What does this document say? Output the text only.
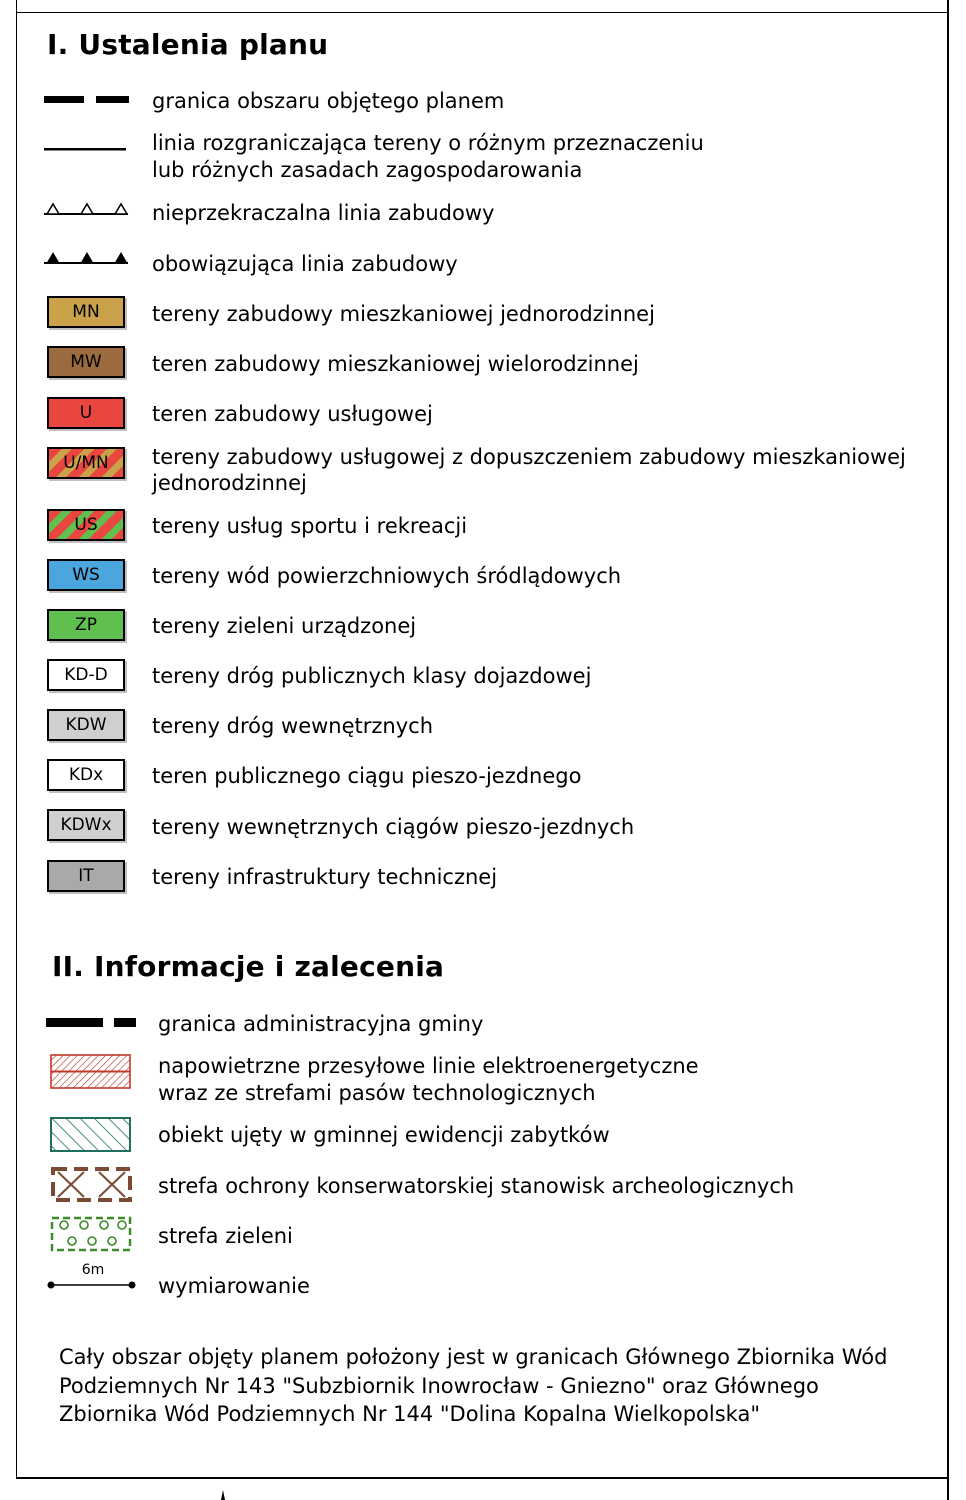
I. Ustalenia planu
granica obszaru objętego planem
linia rozgraniczająca tereny o różnym przeznaczeniu
lub różnych zasadach zagospodarowania
nieprzekraczalna linia zabudowy
obowiązująca linia zabudowy
MN tereny zabudowy mieszkaniowej jednorodzinnej
MW teren zabudowy mieszkaniowej wielorodzinnej
U	teren zabudowy usługowej
U/MN tereny zabudowy usługowej z dopuszczeniem zabudowy mieszkaniowej
jednorodzinnej
US	tereny usług sportu i rekreacji
WS tereny wód powierzchniowych śródlądowych
ZP	tereny zieleni urządzonej
KD-D tereny dróg publicznych klasy dojazdowej
KDW tereny dróg wewnętrznych
KDx teren publicznego ciągu pieszo-jezdnego
KDWx tereny wewnętrznych ciągów pieszo-jezdnych
IT	tereny infrastruktury technicznej
II. Informacje i zalecenia
granica administracyjna gminy
napowietrzne przesyłowe linie elektroenergetyczne
wraz ze strefami pasów technologicznych
obiekt ujęty w gminnej ewidencji zabytków
strefa ochrony konserwatorskiej stanowisk archeologicznych
strefa zieleni
6m
wymiarowanie
Cały obszar objęty planem położony jest w granicach Głównego Zbiornika Wód
Podziemnych Nr 143 "Subzbiornik Inowrocław - Gniezno" oraz Głównego
Zbiornika Wód Podziemnych Nr 144 "Dolina Kopalna Wielkopolska"
